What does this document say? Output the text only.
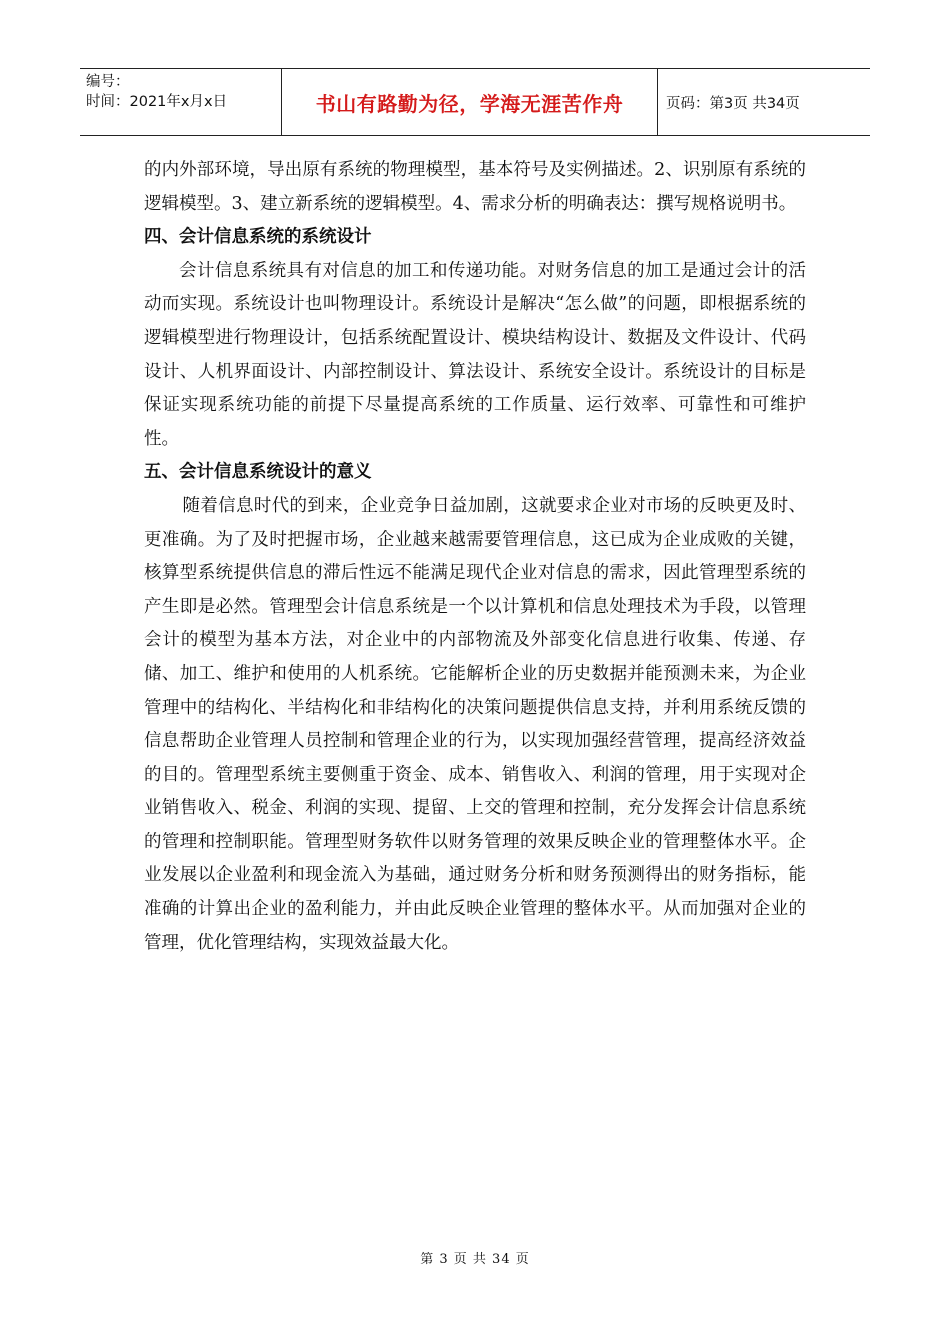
编号：
时间：2021年x月x日	书山有路勤为径，学海无涯苦作舟	页码：第3页 共34页

的内外部环境，导出原有系统的物理模型，基本符号及实例描述。2、识别原有系统的逻辑模型。3、建立新系统的逻辑模型。4、需求分析的明确表达：撰写规格说明书。

四、会计信息系统的系统设计

会计信息系统具有对信息的加工和传递功能。对财务信息的加工是通过会计的活动而实现。系统设计也叫物理设计。系统设计是解决“怎么做”的问题，即根据系统的逻辑模型进行物理设计，包括系统配置设计、模块结构设计、数据及文件设计、代码设计、人机界面设计、内部控制设计、算法设计、系统安全设计。系统设计的目标是保证实现系统功能的前提下尽量提高系统的工作质量、运行效率、可靠性和可维护性。

五、会计信息系统设计的意义

随着信息时代的到来，企业竞争日益加剧，这就要求企业对市场的反映更及时、更准确。为了及时把握市场，企业越来越需要管理信息，这已成为企业成败的关键，核算型系统提供信息的滞后性远不能满足现代企业对信息的需求，因此管理型系统的产生即是必然。管理型会计信息系统是一个以计算机和信息处理技术为手段，以管理会计的模型为基本方法，对企业中的内部物流及外部变化信息进行收集、传递、存储、加工、维护和使用的人机系统。它能解析企业的历史数据并能预测未来，为企业管理中的结构化、半结构化和非结构化的决策问题提供信息支持，并利用系统反馈的信息帮助企业管理人员控制和管理企业的行为，以实现加强经营管理，提高经济效益的目的。管理型系统主要侧重于资金、成本、销售收入、利润的管理，用于实现对企业销售收入、税金、利润的实现、提留、上交的管理和控制，充分发挥会计信息系统的管理和控制职能。管理型财务软件以财务管理的效果反映企业的管理整体水平。企业发展以企业盈利和现金流入为基础，通过财务分析和财务预测得出的财务指标，能准确的计算出企业的盈利能力，并由此反映企业管理的整体水平。从而加强对企业的管理，优化管理结构，实现效益最大化。

第 3 页 共 34 页
